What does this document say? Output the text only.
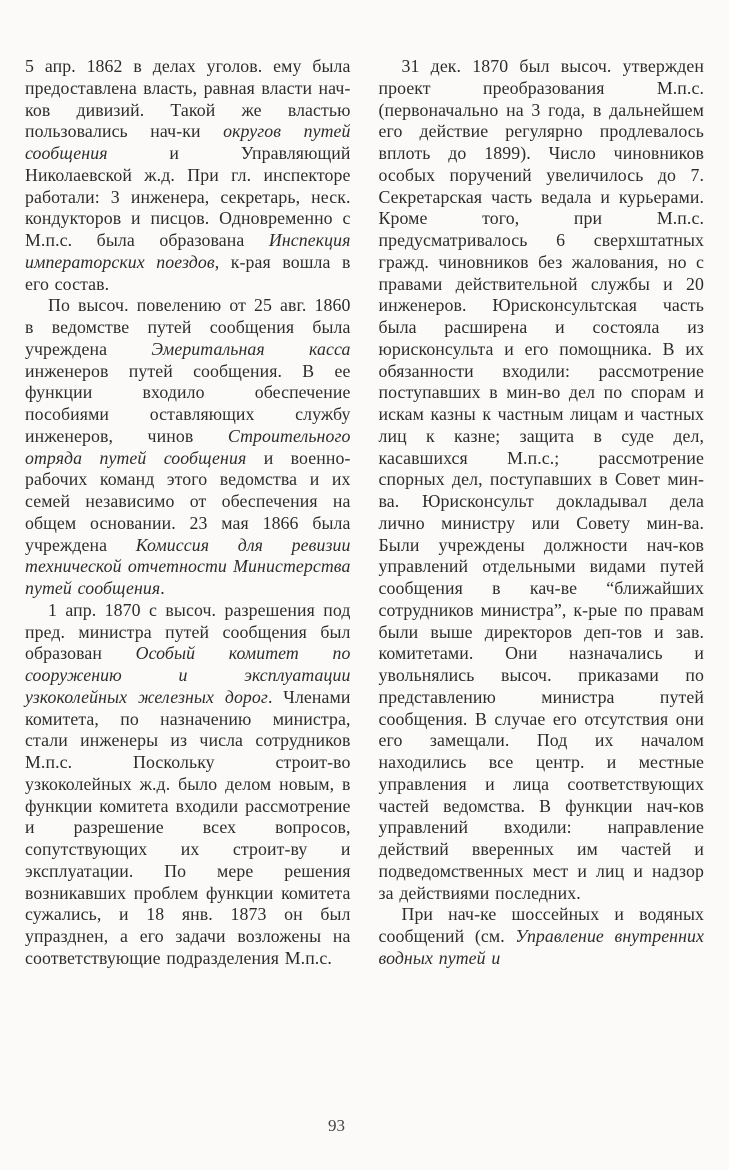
5 апр. 1862 в делах уголов. ему была предоставлена власть, равная власти нач-ков дивизий. Такой же властью пользовались нач-ки округов путей сообщения и Управляющий Николаевской ж.д. При гл. инспекторе работали: 3 инженера, секретарь, неск. кондукторов и писцов. Одновременно с М.п.с. была образована Инспекция императорских поездов, к-рая вошла в его состав.

По высоч. повелению от 25 авг. 1860 в ведомстве путей сообщения была учреждена Эмеритальная касса инженеров путей сообщения. В ее функции входило обеспечение пособиями оставляющих службу инженеров, чинов Строительного отряда путей сообщения и военно-рабочих команд этого ведомства и их семей независимо от обеспечения на общем основании. 23 мая 1866 была учреждена Комиссия для ревизии технической отчетности Министерства путей сообщения.

1 апр. 1870 с высоч. разрешения под пред. министра путей сообщения был образован Особый комитет по сооружению и эксплуатации узкоколейных железных дорог. Членами комитета, по назначению министра, стали инженеры из числа сотрудников М.п.с. Поскольку строит-во узкоколейных ж.д. было делом новым, в функции комитета входили рассмотрение и разрешение всех вопросов, сопутствующих их строит-ву и эксплуатации. По мере решения возникавших проблем функции комитета сужались, и 18 янв. 1873 он был упразднен, а его задачи возложены на соответствующие подразделения М.п.с.

31 дек. 1870 был высоч. утвержден проект преобразования М.п.с. (первоначально на 3 года, в дальнейшем его действие регулярно продлевалось вплоть до 1899). Число чиновников особых поручений увеличилось до 7. Секретарская часть ведала и курьерами. Кроме того, при М.п.с. предусматривалось 6 сверхштатных гражд. чиновников без жалования, но с правами действительной службы и 20 инженеров. Юрисконсультская часть была расширена и состояла из юрисконсульта и его помощника. В их обязанности входили: рассмотрение поступавших в мин-во дел по спорам и искам казны к частным лицам и частных лиц к казне; защита в суде дел, касавшихся М.п.с.; рассмотрение спорных дел, поступавших в Совет мин-ва. Юрисконсульт докладывал дела лично министру или Совету мин-ва. Были учреждены должности нач-ков управлений отдельными видами путей сообщения в кач-ве “ближайших сотрудников министра”, к-рые по правам были выше директоров деп-тов и зав. комитетами. Они назначались и увольнялись высоч. приказами по представлению министра путей сообщения. В случае его отсутствия они его замещали. Под их началом находились все центр. и местные управления и лица соответствующих частей ведомства. В функции нач-ков управлений входили: направление действий вверенных им частей и подведомственных мест и лиц и надзор за действиями последних.

При нач-ке шоссейных и водяных сообщений (см. Управление внутренних водных путей и

93
